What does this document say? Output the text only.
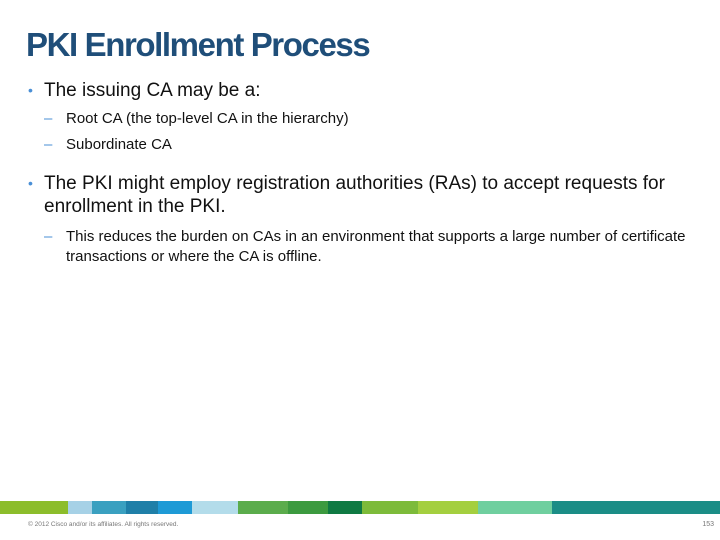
PKI Enrollment Process
• The issuing CA may be a:
– Root CA (the top-level CA in the hierarchy)
– Subordinate CA
• The PKI might employ registration authorities (RAs) to accept requests for enrollment in the PKI.
– This reduces the burden on CAs in an environment that supports a large number of certificate transactions or where the CA is offline.
© 2012 Cisco and/or its affiliates. All rights reserved.	153
